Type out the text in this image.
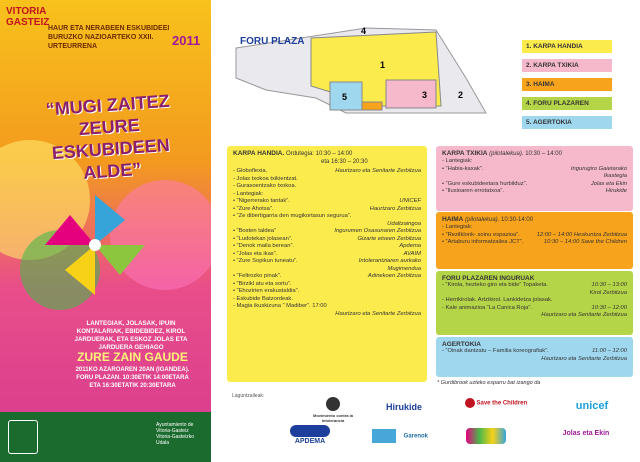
VITORIA
GASTEIZ
HAUR ETA NERABEEN ESKUBIDEEI BURUZKO NAZIOARTEKO XXII. URTEURRENA	2011
“MUGI ZAITEZ ZEURE ESKUBIDEEN ALDE”
LANTEGIAK, JOLASAK, IPUIN KONTALARIAK, EBIDEBIDEZ, KIROL JARDUERAK, ETA ESKOZ JOLAS ETA JARDUERA GEHIAGO
ZURE ZAIN GAUDE
2011KO AZAROAREN 20AN (IGANDEA). FORU PLAZAN. 10:30ETIK 14:00ETARA ETA 16:30ETATIK 20:30ETARA
Ayuntamiento de Vitoria-Gasteiz
Vitoria-Gasteizko Udala
1
2
3
4
5
FORU PLAZA	1. KARPA HANDIA
2. KARPA TXIKIA
3. HAIMA
4. FORU PLAZAREN
5. AGERTOKIA
KARPA HANDIA. Ordutegia: 10:30 – 14:00
eta 16:30 – 20:30
- Globoflexia.	Haurtzaro eta Senitarte Zerbitzua
- Jolas txokoa txikientzat.
- Gurasoentzako txokoa.
- Lantegiak:
• “Nigerrerako tantak”.	UNICEF
• “Zure Ahotsa”.	Haurtzaro Zerbitzua
• “Ze dibertigarria den mugikortasun segurua”.
Udaltzaingoa
• “Bosten taldea”	Ingurumen Osasunaren Zerbitzua
• “Ludotekan jolasean”.	Gizarte etxeen Zerbitzua
• “Denok maila berean”.	Apdema
• “Jolas eta ikas”.	AVAIM
• “Zure Sopikun tuneatu”.	Intolerantziaren aurkako
Mugimendua
• “Feltrozko pinak”.	Adinekoen Zerbitzua
• “Birzikl atu eta sortu”.
• “Ehozirien erakustaldia”.
- Eskubide Batzordeak.
- Magia ikuskizuna “ Madiber”. 17:00
Haurtzaro eta Senitarte Zerbitzua
KARPA TXIKIA (pilotalekua). 10:30 – 14:00
- Lantegiak:
• “Habia-kaxak”.	Ingurugiro Gaietarako
Ikastegia
• “Gure eskubideetara hurbilduz”.	Jolas eta Ekin
• “Ilusioaren errotatxoa”.	Hirukide
HAIMA (pilotalekua). 10:30-14:00
- Lantegiak:
• “Rezilklonk- soinu espazioa”.	12:00 – 14:00 Heskuntza Zerbitzua
• “Artaburu informatzailea JCT”.	10:30 – 14:00 Save the Children
FORU PLAZAREN INGURUAK
- “Kirola, hezteko giro eta bide” Topaketa.	10:30 – 13:00
Kirol Zerbitzua
- Herrikirolak. Artzikirol. Lankidetza jolasak.
- Kale animazioa “La Canica Roja”.	10:30 – 12:00
Haurtzaro eta Senitarte Zerbitzua
AGERTOKIA
- “Oinak dantzatu – Familia koreografiak”.	11:00 – 12:00
Haurtzaro eta Senitarte Zerbitzua
* Gurdibrook uzteko esparru bat izango da
Laguntzaileak:
Movimiento contra la Intolerancia
Hirukide	Save the Children	unicef
APDEMA
Garenok	Jolas eta Ekin
